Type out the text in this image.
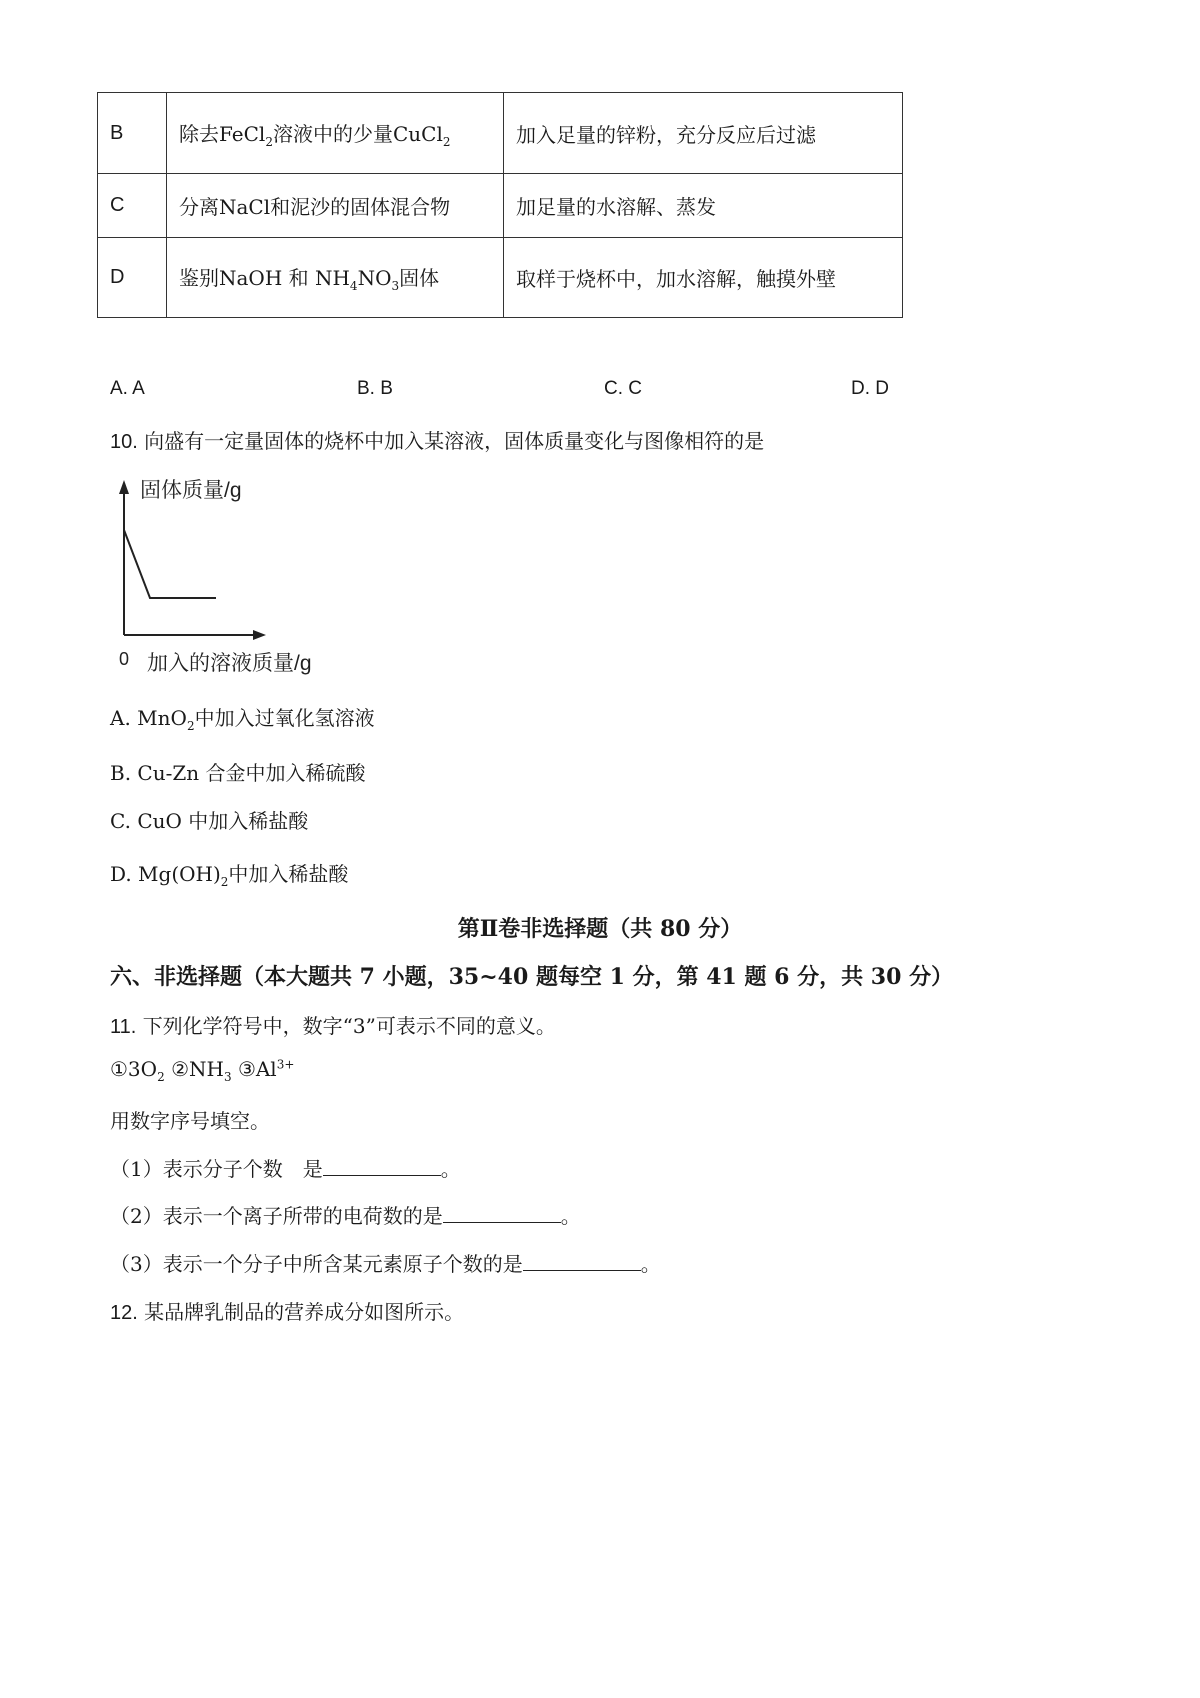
B	除去FeCl$_2$溶液中的少量CuCl$_2$	加入足量的锌粉，充分反应后过滤
C	分离NaCl和泥沙的固体混合物	加足量的水溶解、蒸发
D	鉴别NaOH 和 $NH_4NO_3$固体	取样于烧杯中，加水溶解，触摸外壁
A. A	B. B	C. C	D. D
10. 向盛有一定量固体的烧杯中加入某溶液，固体质量变化与图像相符的是
固体质量/g
0 加入的溶液质量/g
A. MnO$_2$中加入过氧化氢溶液
B. Cu-Zn 合金中加入稀硫酸
C. CuO 中加入稀盐酸
D. $Mg(OH)_2$中加入稀盐酸
第Ⅱ卷非选择题（共 80 分）
六、非选择题（本大题共 7 小题，35~40 题每空 1 分，第 41 题 6 分，共 30 分）
11. 下列化学符号中，数字“3”可表示不同的意义。
$①3O_2$ $②NH_3$ $③Al^{3+}$
用数字序号填空。
（1）表示分子个数　是	。
（2）表示一个离子所带的电荷数的是	。
（3）表示一个分子中所含某元素原子个数的是	。
12. 某品牌乳制品的营养成分如图所示。
